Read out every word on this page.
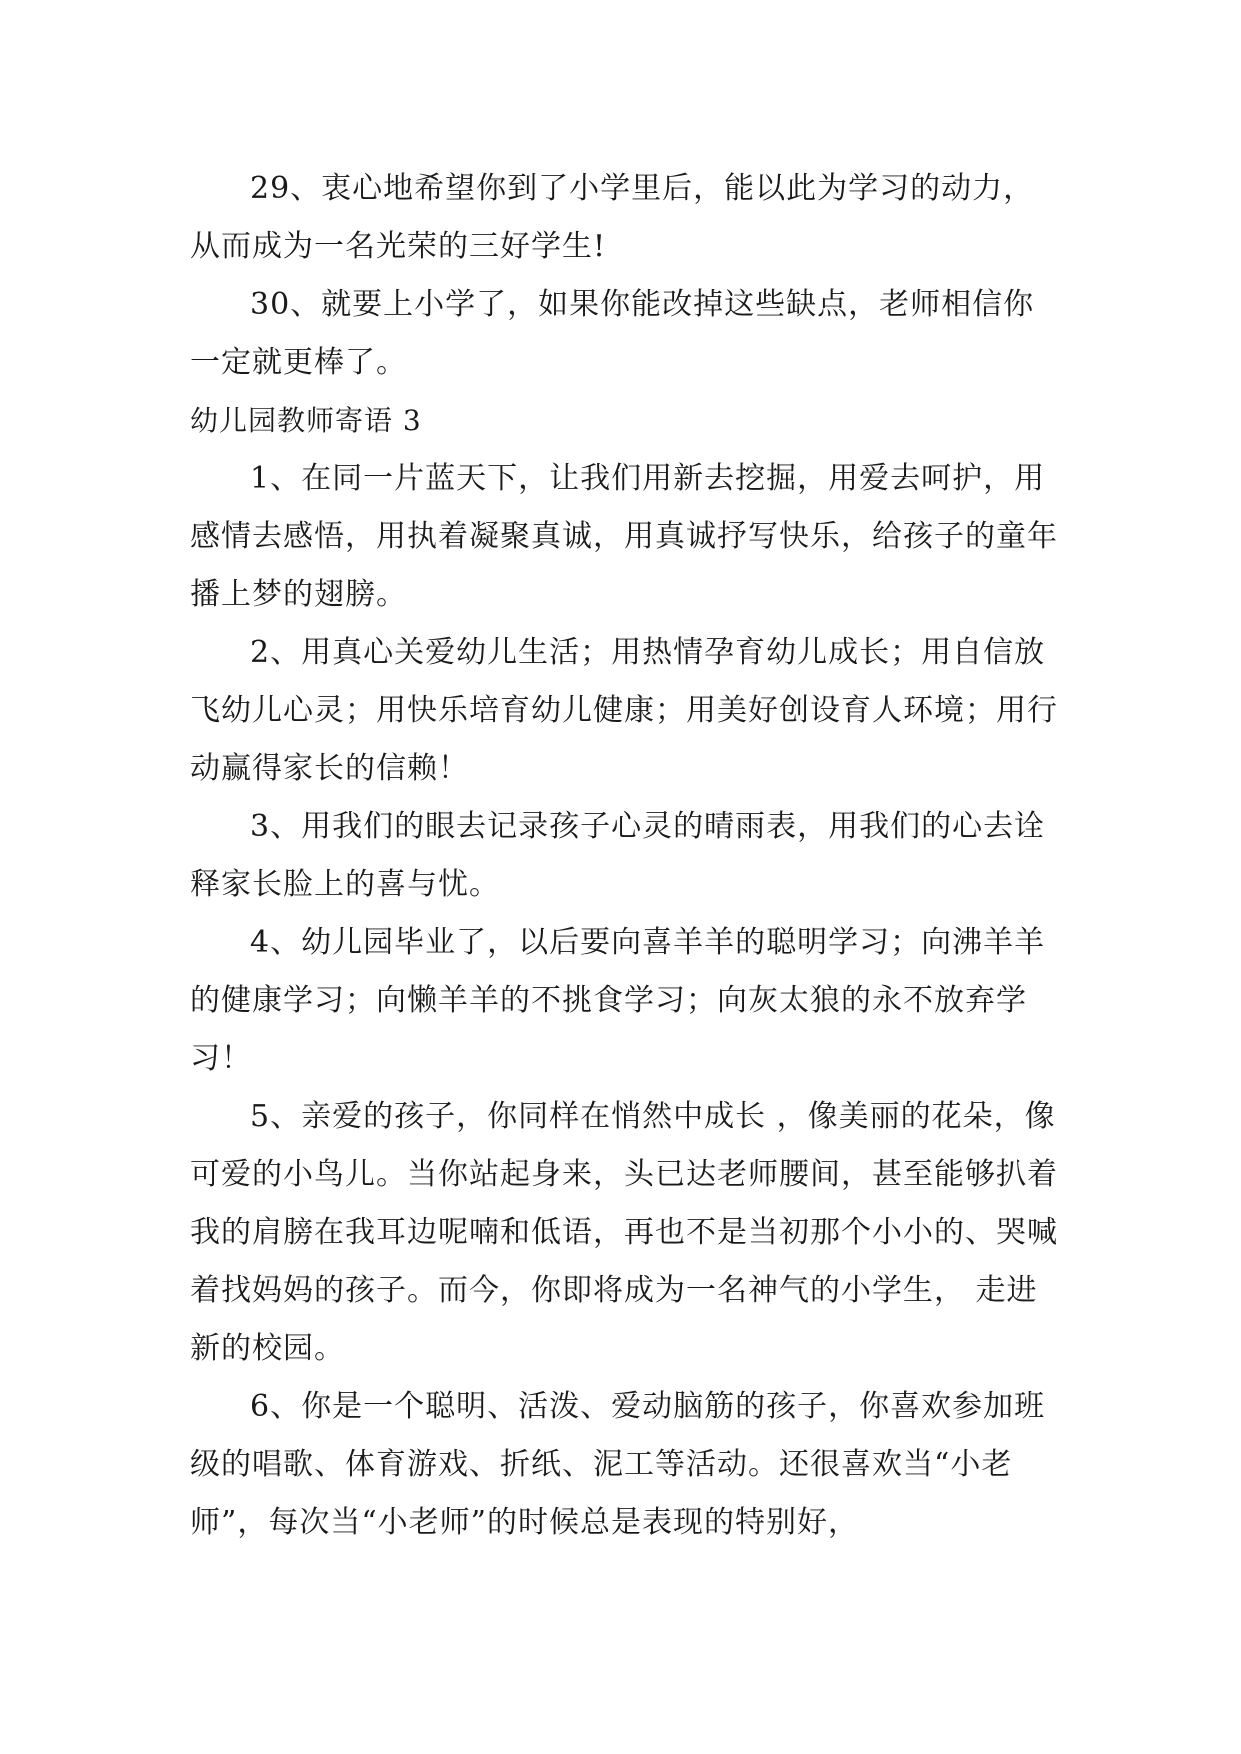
29、衷心地希望你到了小学里后，能以此为学习的动力，从而成为一名光荣的三好学生!

30、就要上小学了，如果你能改掉这些缺点，老师相信你一定就更棒了。

幼儿园教师寄语 3

1、在同一片蓝天下，让我们用新去挖掘，用爱去呵护，用感情去感悟，用执着凝聚真诚，用真诚抒写快乐，给孩子的童年播上梦的翅膀。

2、用真心关爱幼儿生活；用热情孕育幼儿成长；用自信放飞幼儿心灵；用快乐培育幼儿健康；用美好创设育人环境；用行动赢得家长的信赖！

3、用我们的眼去记录孩子心灵的晴雨表，用我们的心去诠释家长脸上的喜与忧。

4、幼儿园毕业了，以后要向喜羊羊的聪明学习；向沸羊羊的健康学习；向懒羊羊的不挑食学习；向灰太狼的永不放弃学习！

5、亲爱的孩子，你同样在悄然中成长 ，像美丽的花朵，像可爱的小鸟儿。当你站起身来，头已达老师腰间，甚至能够扒着我的肩膀在我耳边呢喃和低语，再也不是当初那个小小的、哭喊着找妈妈的孩子。而今，你即将成为一名神气的小学生， 走进新的校园。

6、你是一个聪明、活泼、爱动脑筋的孩子，你喜欢参加班级的唱歌、体育游戏、折纸、泥工等活动。还很喜欢当“小老师”，每次当“小老师”的时候总是表现的特别好，
